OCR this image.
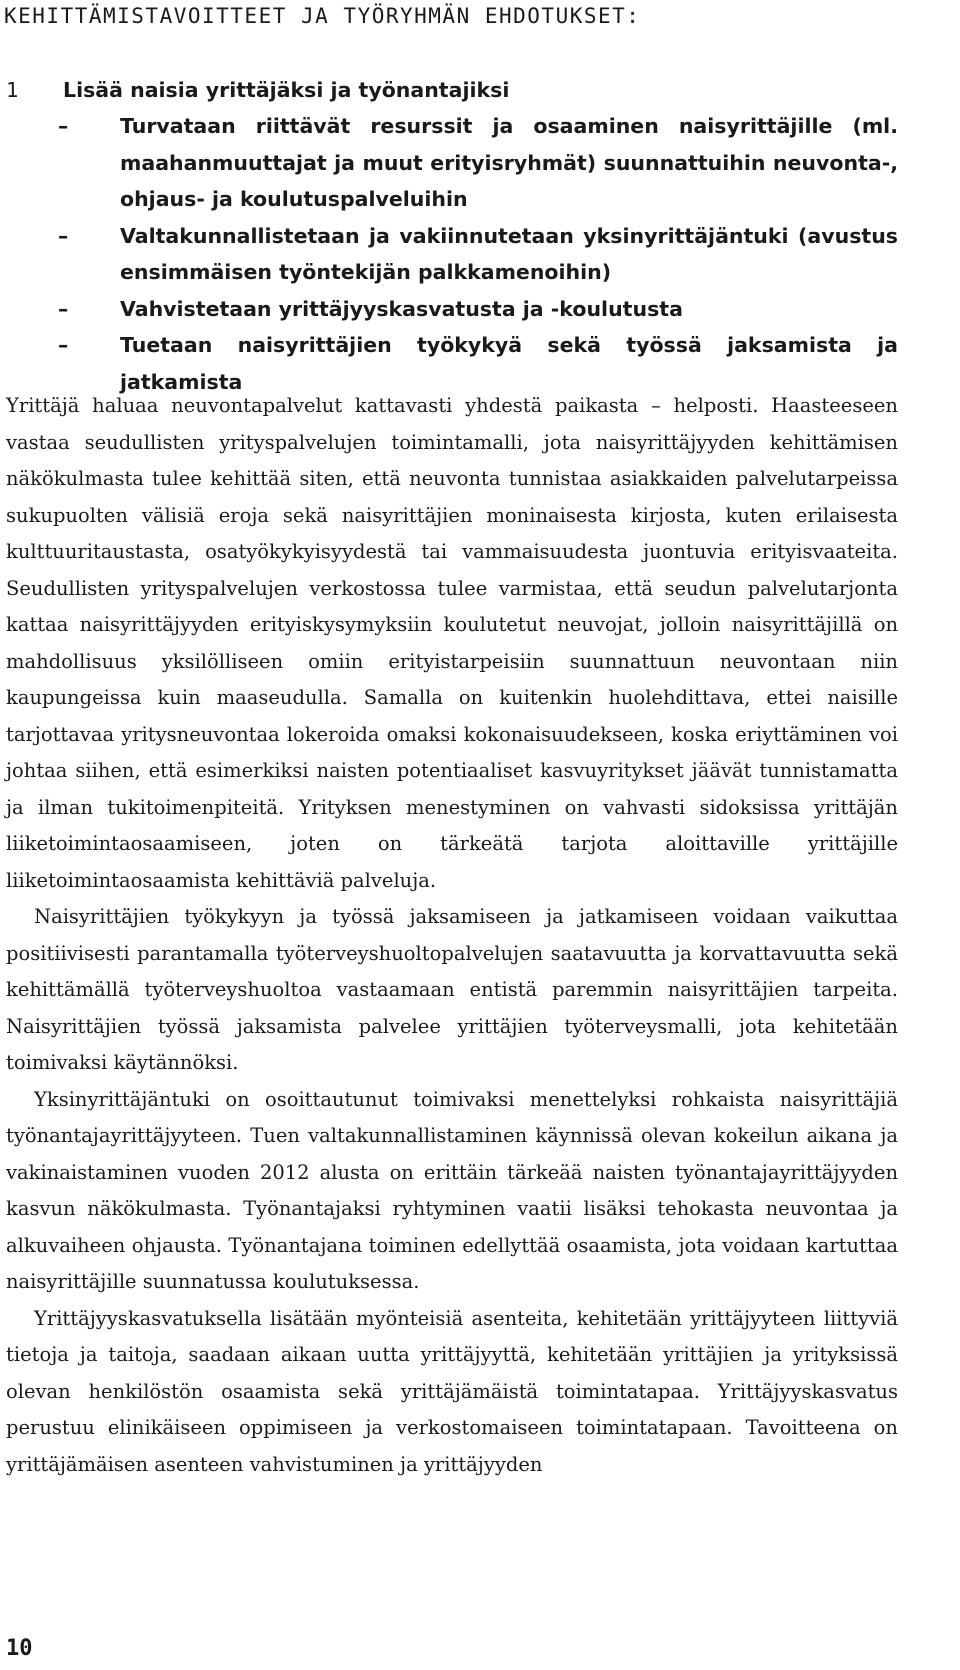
KEHITTÄMISTAVOITTEET JA TYÖRYHMÄN EHDOTUKSET:
1 Lisää naisia yrittäjäksi ja työnantajiksi
–	Turvataan riittävät resurssit ja osaaminen naisyrittäjille (ml. maahanmuuttajat ja muut erityisryhmät) suunnattuihin neuvonta-, ohjaus- ja koulutuspalveluihin
–	Valtakunnallistetaan ja vakiinnutetaan yksinyrittäjäntuki (avustus ensimmäisen työntekijän palkkamenoihin)
–	Vahvistetaan yrittäjyyskasvatusta ja -koulutusta
–	Tuetaan naisyrittäjien työkykyä sekä työssä jaksamista ja jatkamista

Yrittäjä haluaa neuvontapalvelut kattavasti yhdestä paikasta – helposti. Haasteeseen vastaa seudullisten yrityspalvelujen toimintamalli, jota naisyrittäjyyden kehittämisen näkökulmasta tulee kehittää siten, että neuvonta tunnistaa asiakkaiden palvelutarpeissa sukupuolten välisiä eroja sekä naisyrittäjien moninaisesta kirjosta, kuten erilaisesta kulttuuritaustasta, osatyökykyisyydestä tai vammaisuudesta juontuvia erityisvaateita. Seudullisten yrityspalvelujen verkostossa tulee varmistaa, että seudun palvelutarjonta kattaa naisyrittäjyyden erityiskysymyksiin koulutetut neuvojat, jolloin naisyrittäjillä on mahdollisuus yksilölliseen omiin erityistarpeisiin suunnattuun neuvontaan niin kaupungeissa kuin maaseudulla. Samalla on kuitenkin huolehdittava, ettei naisille tarjottavaa yritysneuvontaa lokeroida omaksi kokonaisuudekseen, koska eriyttäminen voi johtaa siihen, että esimerkiksi naisten potentiaaliset kasvuyritykset jäävät tunnistamatta ja ilman tukitoimenpiteitä. Yrityksen menestyminen on vahvasti sidoksissa yrittäjän liiketoimintaosaamiseen, joten on tärkeätä tarjota aloittaville yrittäjille liiketoimintaosaamista kehittäviä palveluja.

Naisyrittäjien työkykyyn ja työssä jaksamiseen ja jatkamiseen voidaan vaikuttaa positiivisesti parantamalla työterveyshuoltopalvelujen saatavuutta ja korvattavuutta sekä kehittämällä työterveyshuoltoa vastaamaan entistä paremmin naisyrittäjien tarpeita. Naisyrittäjien työssä jaksamista palvelee yrittäjien työterveysmalli, jota kehitetään toimivaksi käytännöksi.

Yksinyrittäjäntuki on osoittautunut toimivaksi menettelyksi rohkaista naisyrittäjiä työnantajayrittäjyyteen. Tuen valtakunnallistaminen käynnissä olevan kokeilun aikana ja vakinaistaminen vuoden 2012 alusta on erittäin tärkeää naisten työnantajayrittäjyyden kasvun näkökulmasta. Työnantajaksi ryhtyminen vaatii lisäksi tehokasta neuvontaa ja alkuvaiheen ohjausta. Työnantajana toiminen edellyttää osaamista, jota voidaan kartuttaa naisyrittäjille suunnatussa koulutuksessa.

Yrittäjyyskasvatuksella lisätään myönteisiä asenteita, kehitetään yrittäjyyteen liittyviä tietoja ja taitoja, saadaan aikaan uutta yrittäjyyttä, kehitetään yrittäjien ja yrityksissä olevan henkilöstön osaamista sekä yrittäjämäistä toimintatapaa. Yrittäjyyskasvatus perustuu elinikäiseen oppimiseen ja verkostomaiseen toimintatapaan. Tavoitteena on yrittäjämäisen asenteen vahvistuminen ja yrittäjyyden

10
